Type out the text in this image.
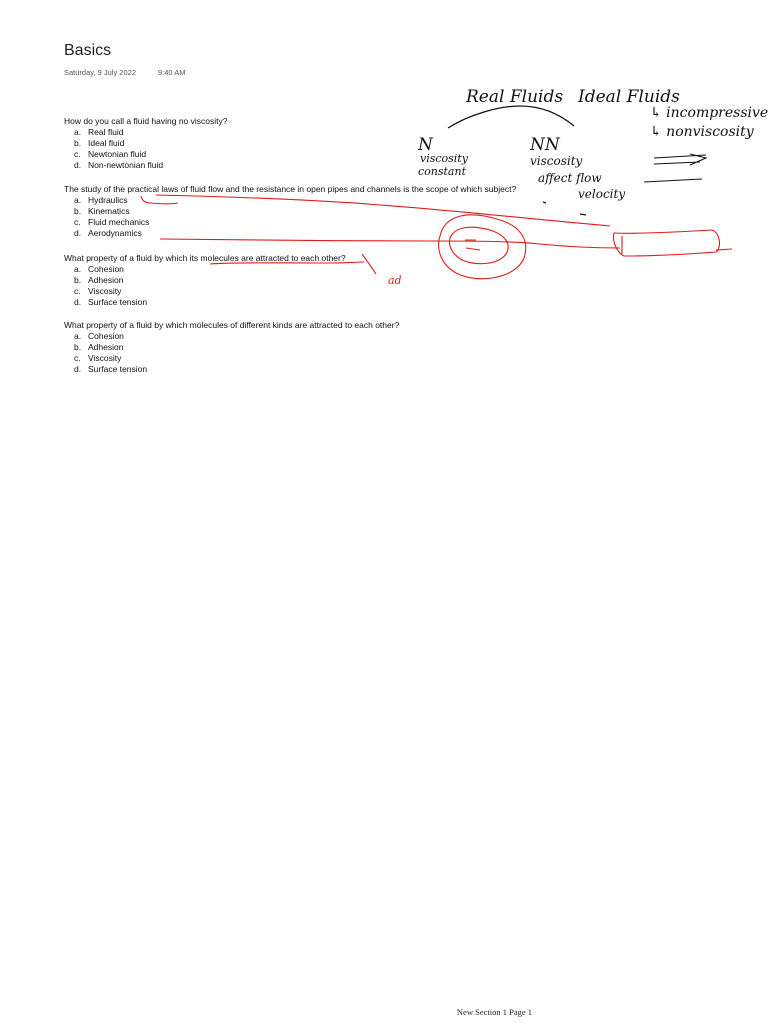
Basics
Saturday, 9 July 2022	9:40 AM
How do you call a fluid having no viscosity?
a. Real fluid
b. Ideal fluid
c. Newtonian fluid
d. Non-newtonian fluid
The study of the practical laws of fluid flow and the resistance in open pipes and channels is the scope of which subject?
a. Hydraulics
b. Kinematics
c. Fluid mechanics
d. Aerodynamics
What property of a fluid by which its molecules are attracted to each other?
a. Cohesion
b. Adhesion
c. Viscosity
d. Surface tension
What property of a fluid by which molecules of different kinds are attracted to each other?
a. Cohesion
b. Adhesion
c. Viscosity
d. Surface tension
Real Fluids Ideal Fluids
↳ incompressive
↳ nonviscosity
N	NN
viscosity
constant
viscosity
affect flow
velocity
ad
New Section 1 Page 1
